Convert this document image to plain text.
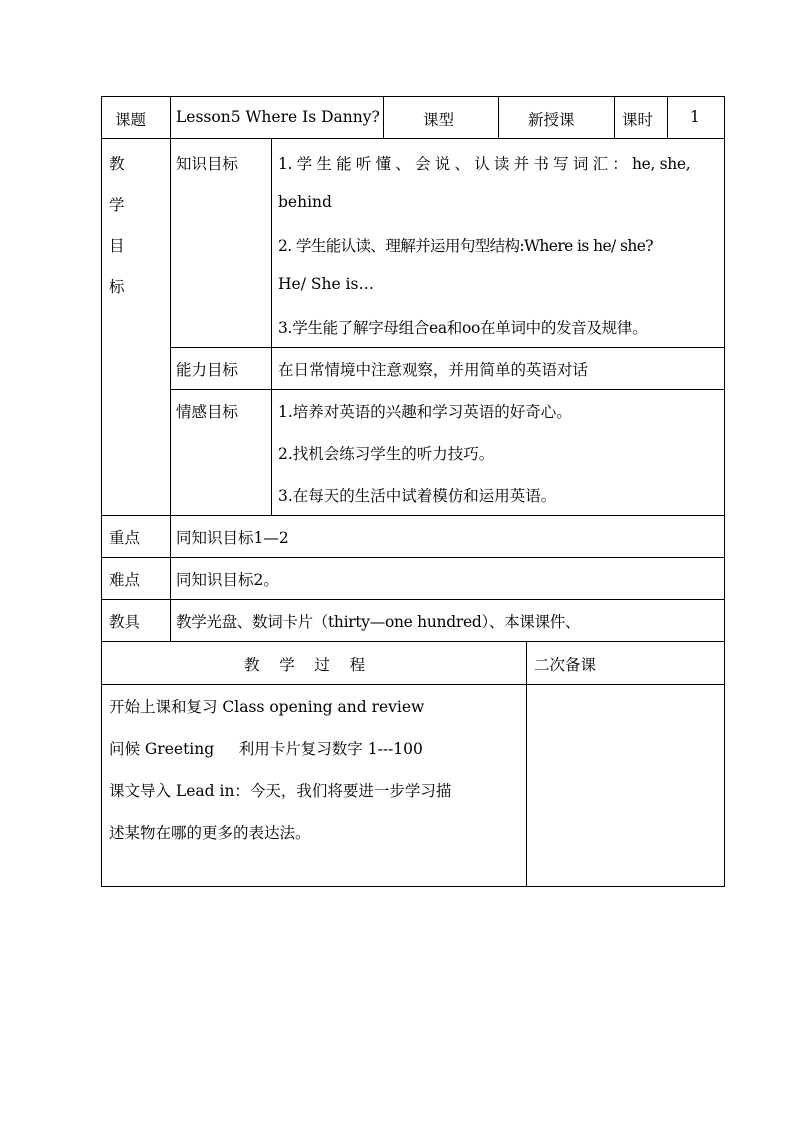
课题 Lesson5 Where Is Danny?	课型	新授课	课时 1
教
学
目
标
知识目标	1. 学 生 能 听 懂 、 会 说 、 认 读 并 书 写 词 汇 ： he, she,
behind
2. 学生能认读、理解并运用句型结构:Where is he/ she?
He/ She is…
3.学生能了解字母组合ea和oo在单词中的发音及规律。
能力目标	在日常情境中注意观察，并用简单的英语对话
情感目标	1.培养对英语的兴趣和学习英语的好奇心。
2.找机会练习学生的听力技巧。
3.在每天的生活中试着模仿和运用英语。
重点 同知识目标1—2
难点 同知识目标2。
教具 教学光盘、数词卡片（thirty—one hundred）、本课课件、
教    学    过    程	二次备课
开始上课和复习 Class opening and review
问候 Greeting     利用卡片复习数字 1---100
课文导入 Lead in：今天，我们将要进一步学习描
述某物在哪的更多的表达法。
